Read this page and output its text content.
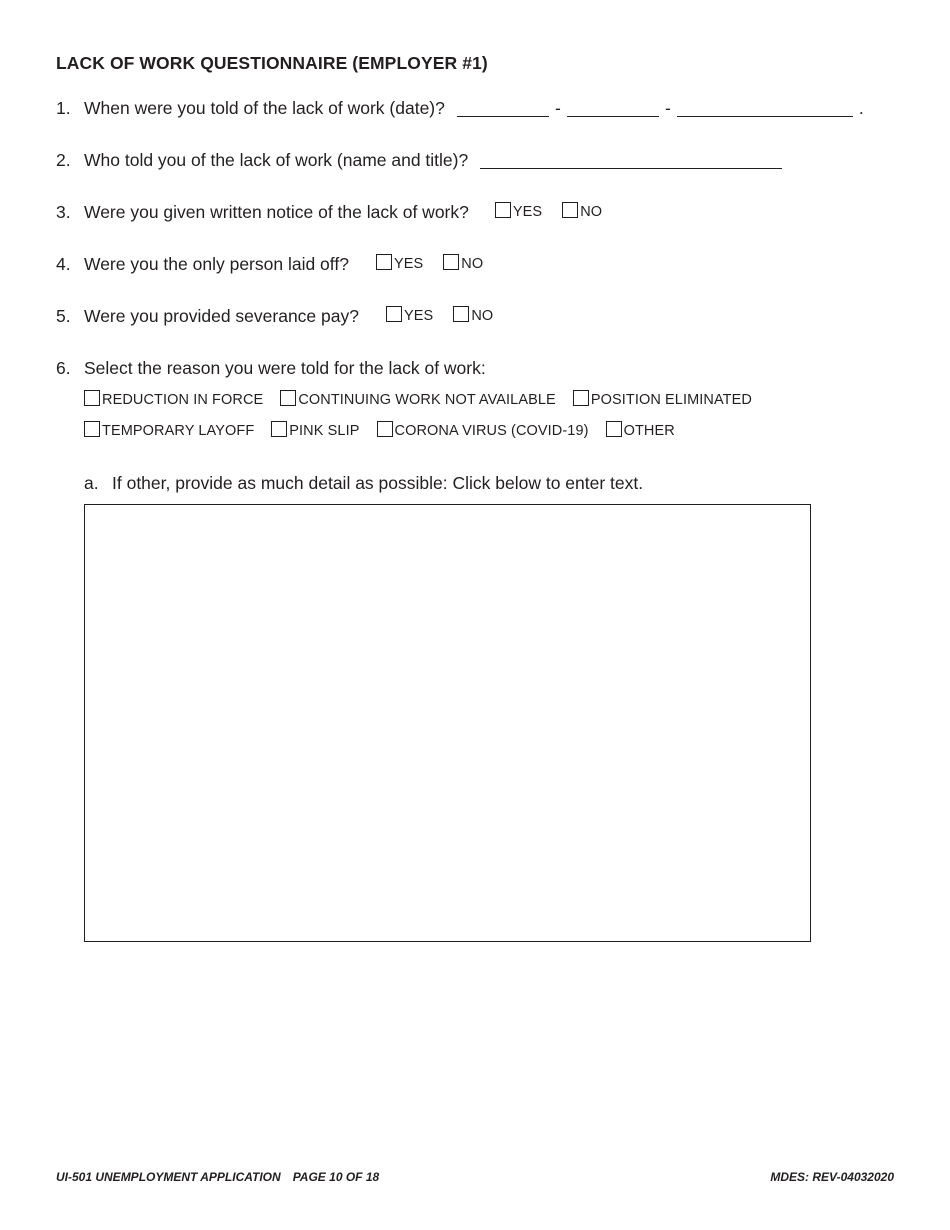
LACK OF WORK QUESTIONNAIRE (EMPLOYER #1)
1. When were you told of the lack of work (date)?	-	-	.
2. Who told you of the lack of work (name and title)?
3. Were you given written notice of the lack of work?	YES	NO
4. Were you the only person laid off?	YES	NO
5. Were you provided severance pay?	YES	NO
6. Select the reason you were told for the lack of work:
REDUCTION IN FORCE CONTINUING WORK NOT AVAILABLE POSITION ELIMINATED
TEMPORARY LAYOFF PINK SLIP CORONA VIRUS (COVID-19) OTHER
a. If other, provide as much detail as possible: Click below to enter text.
UI-501 UNEMPLOYMENT APPLICATION PAGE 10 OF 18	MDES: REV-04032020
